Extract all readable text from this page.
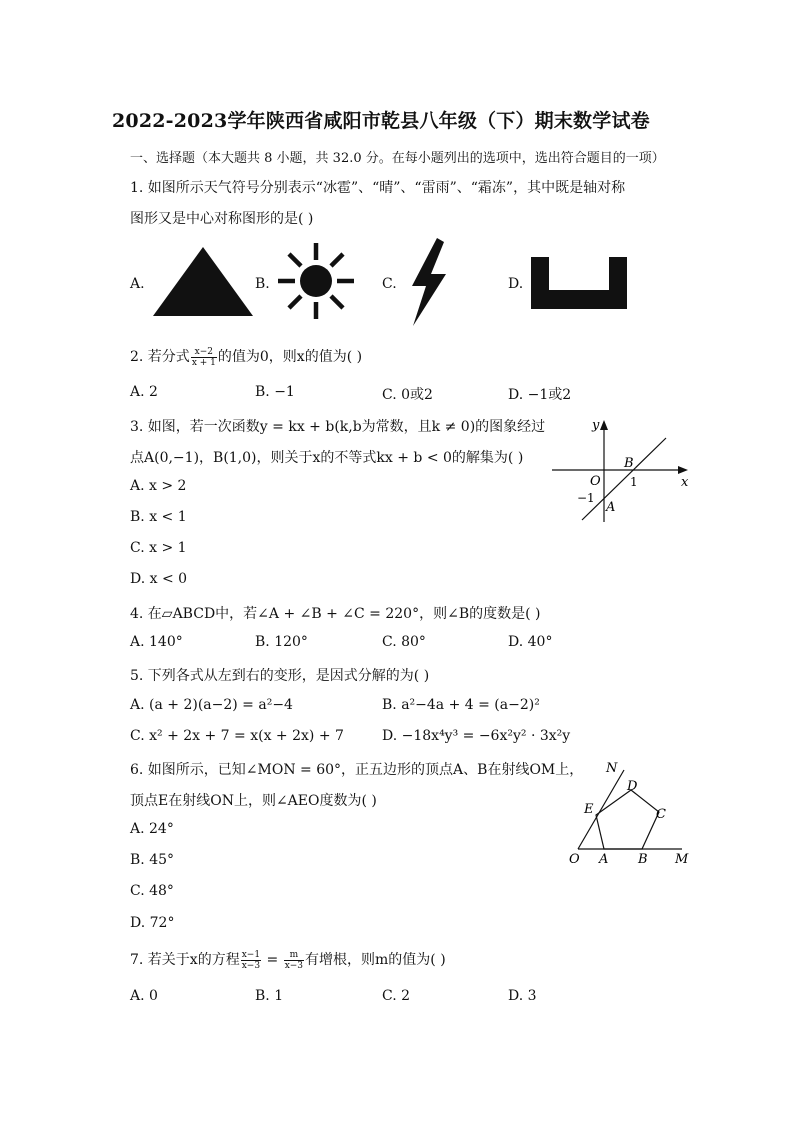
2022-2023学年陕西省咸阳市乾县八年级（下）期末数学试卷
一、选择题（本大题共 8 小题，共 32.0 分。在每小题列出的选项中，选出符合题目的一项）
1. 如图所示天气符号分别表示“冰雹”、“晴”、“雷雨”、“霜冻”，其中既是轴对称
图形又是中心对称图形的是( )
A.	B.	C.	D.
2. 若分式 $\frac{x-2}{x + 1}$ 的值为0，则x的值为( )
A. 2	B. −1	C. 0或2	D. −1或2
3. 如图，若一次函数y = kx + b(k,b为常数，且k ≠ 0)的图象经过
点A(0,−1)，B(1,0)，则关于x的不等式kx + b < 0的解集为( )
A. x > 2
B. x < 1
C. x > 1
D. x < 0
y
x
O
B
1
−1
A
4. 在▱ABCD中，若∠A + ∠B + ∠C = 220°，则∠B的度数是( )
A. 140°	B. 120°	C. 80°	D. 40°
5. 下列各式从左到右的变形，是因式分解的为( )
A. (a + 2)(a−2) = a²−4	B. a²−4a + 4 = (a−2)²
C. x² + 2x + 7 = x(x + 2x) + 7	D. −18x⁴y³ = −6x²y² · 3x²y
6. 如图所示，已知∠MON = 60°，正五边形的顶点A、B在射线OM上，
顶点E在射线ON上，则∠AEO度数为( )
A. 24°
B. 45°
C. 48°
D. 72°
N
D
E	C
O A B M
7. 若关于x的方程 $\frac{x-1}{x-3} = \frac{m}{x-3}$ 有增根，则m的值为( )
A. 0	B. 1	C. 2	D. 3
